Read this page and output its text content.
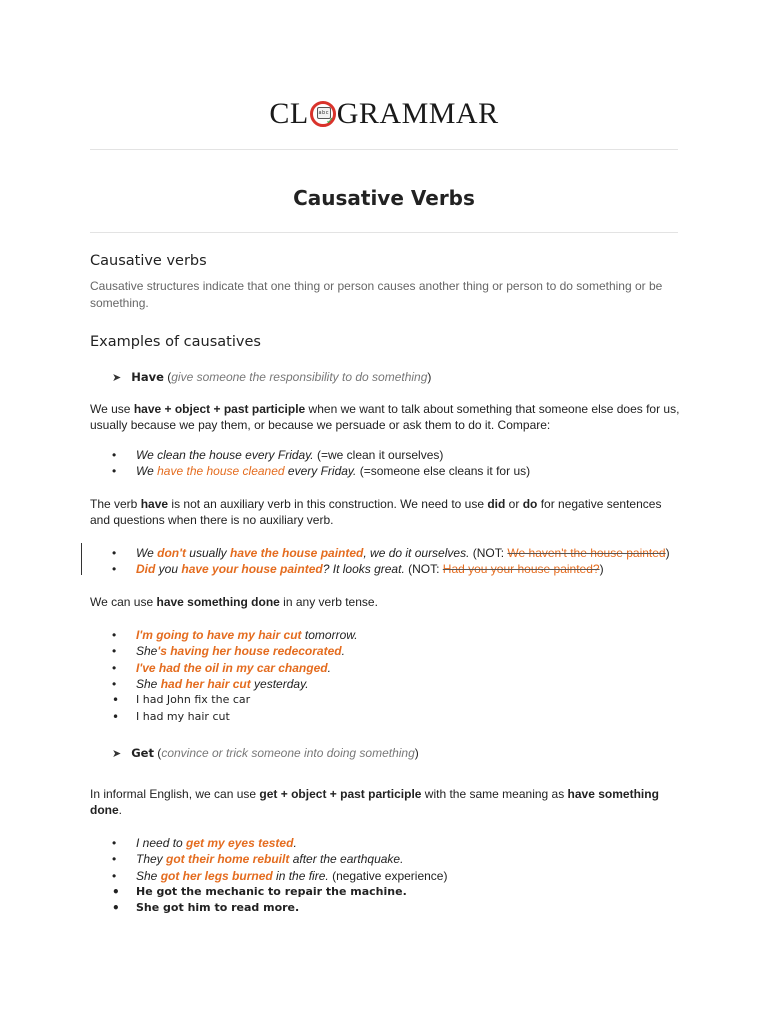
CL	abc
✓ GRAMMAR
Causative Verbs
Causative verbs

Causative structures indicate that one thing or person causes another thing or person to do something or be something.

Examples of causatives
➤ Have (give someone the responsibility to do something)

We use have + object + past participle when we want to talk about something that someone else does for us, usually because we pay them, or because we persuade or ask them to do it. Compare:

• We clean the house every Friday. (=we clean it ourselves)
• We have the house cleaned every Friday. (=someone else cleans it for us)

The verb have is not an auxiliary verb in this construction. We need to use did or do for negative sentences and questions when there is no auxiliary verb.

• We don't usually have the house painted, we do it ourselves. (NOT: We haven't the house painted)
• Did you have your house painted? It looks great. (NOT: Had you your house painted?)

We can use have something done in any verb tense.

• I'm going to have my hair cut tomorrow.
• She's having her house redecorated.
• I've had the oil in my car changed.
• She had her hair cut yesterday.
• I had John fix the car
• I had my hair cut
➤ Get (convince or trick someone into doing something)

In informal English, we can use get + object + past participle with the same meaning as have something done.

• I need to get my eyes tested.
• They got their home rebuilt after the earthquake.
• She got her legs burned in the fire. (negative experience)
• He got the mechanic to repair the machine.
• She got him to read more.
